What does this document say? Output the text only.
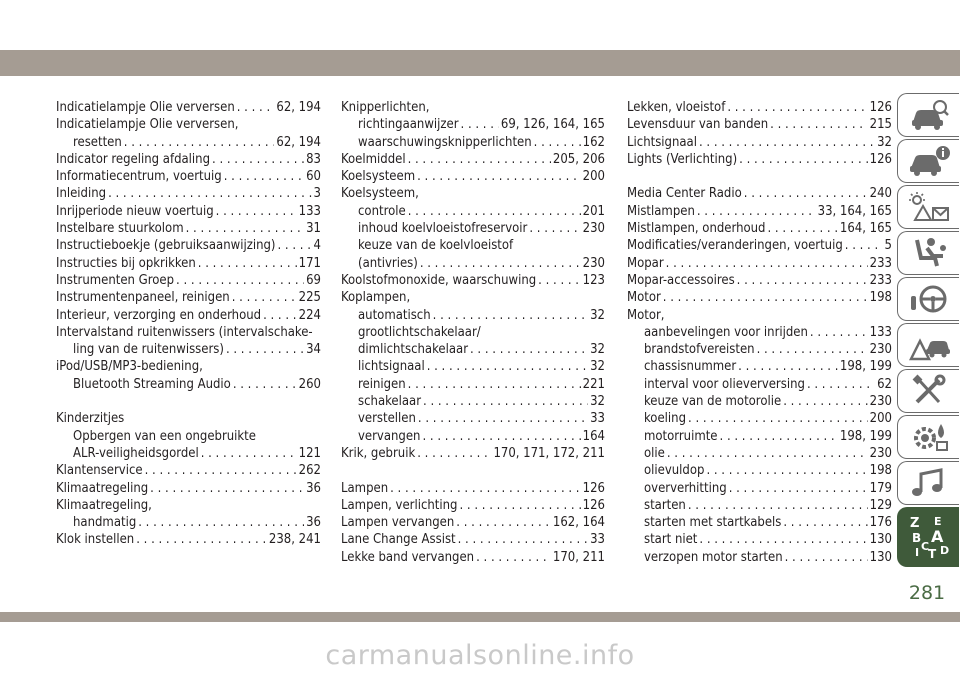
Indicatielampje Olie verversen . . .	62, 194
Indicatielampje Olie verversen,
resetten . . .	62, 194
Indicator regeling afdaling . . .	83
Informatiecentrum, voertuig . . .	60
Inleiding . . .	3
Inrijperiode nieuw voertuig . . .	133
Instelbare stuurkolom . . .	31
Instructieboekje (gebruiksaanwijzing) . . .	4
Instructies bij opkrikken . . .	171
Instrumenten Groep . . .	69
Instrumentenpaneel, reinigen . . .	225
Interieur, verzorging en onderhoud . . .	224
Intervalstand ruitenwissers (intervalschake-
ling van de ruitenwissers) . . .	34
iPod/USB/MP3-bediening,
Bluetooth Streaming Audio . . .	260
Kinderzitjes
Opbergen van een ongebruikte
ALR-veiligheidsgordel . . .	121
Klantenservice . . .	262
Klimaatregeling . . .	36
Klimaatregeling,
handmatig . . .	36
Klok instellen . . .	238, 241
Knipperlichten,
richtingaanwijzer . . .	69, 126, 164, 165
waarschuwingsknipperlichten . . .	162
Koelmiddel . . .	205, 206
Koelsysteem . . .	200
Koelsysteem,
controle . . .	201
inhoud koelvloeistofreservoir . . .	230
keuze van de koelvloeistof
(antivries) . . .	230
Koolstofmonoxide, waarschuwing . . .	123
Koplampen,
automatisch . . .	32
grootlichtschakelaar/
dimlichtschakelaar . . .	32
lichtsignaal . . .	32
reinigen . . .	221
schakelaar . . .	32
verstellen . . .	33
vervangen . . .	164
Krik, gebruik . . .	170, 171, 172, 211
Lampen . . .	126
Lampen, verlichting . . .	126
Lampen vervangen . . .	162, 164
Lane Change Assist . . .	33
Lekke band vervangen . . .	170, 211
Lekken, vloeistof . . .	126
Levensduur van banden . . .	215
Lichtsignaal . . .	32
Lights (Verlichting) . . .	126
Media Center Radio . . .	240
Mistlampen . . .	33, 164, 165
Mistlampen, onderhoud . . .	164, 165
Modificaties/veranderingen, voertuig . . .	5
Mopar . . .	233
Mopar-accessoires . . .	233
Motor . . .	198
Motor,
aanbevelingen voor inrijden . . .	133
brandstofvereisten . . .	230
chassisnummer . . .	198, 199
interval voor olieverversing . . .	62
keuze van de motorolie . . .	230
koeling . . .	200
motorruimte . . .	198, 199
olie . . .	230
olievuldop . . .	198
oververhitting . . .	179
starten . . .	129
starten met startkabels . . .	176
start niet . . .	130
verzopen motor starten . . .	130
Z E
B A
I C
T D
281
carmanualsonline.info
